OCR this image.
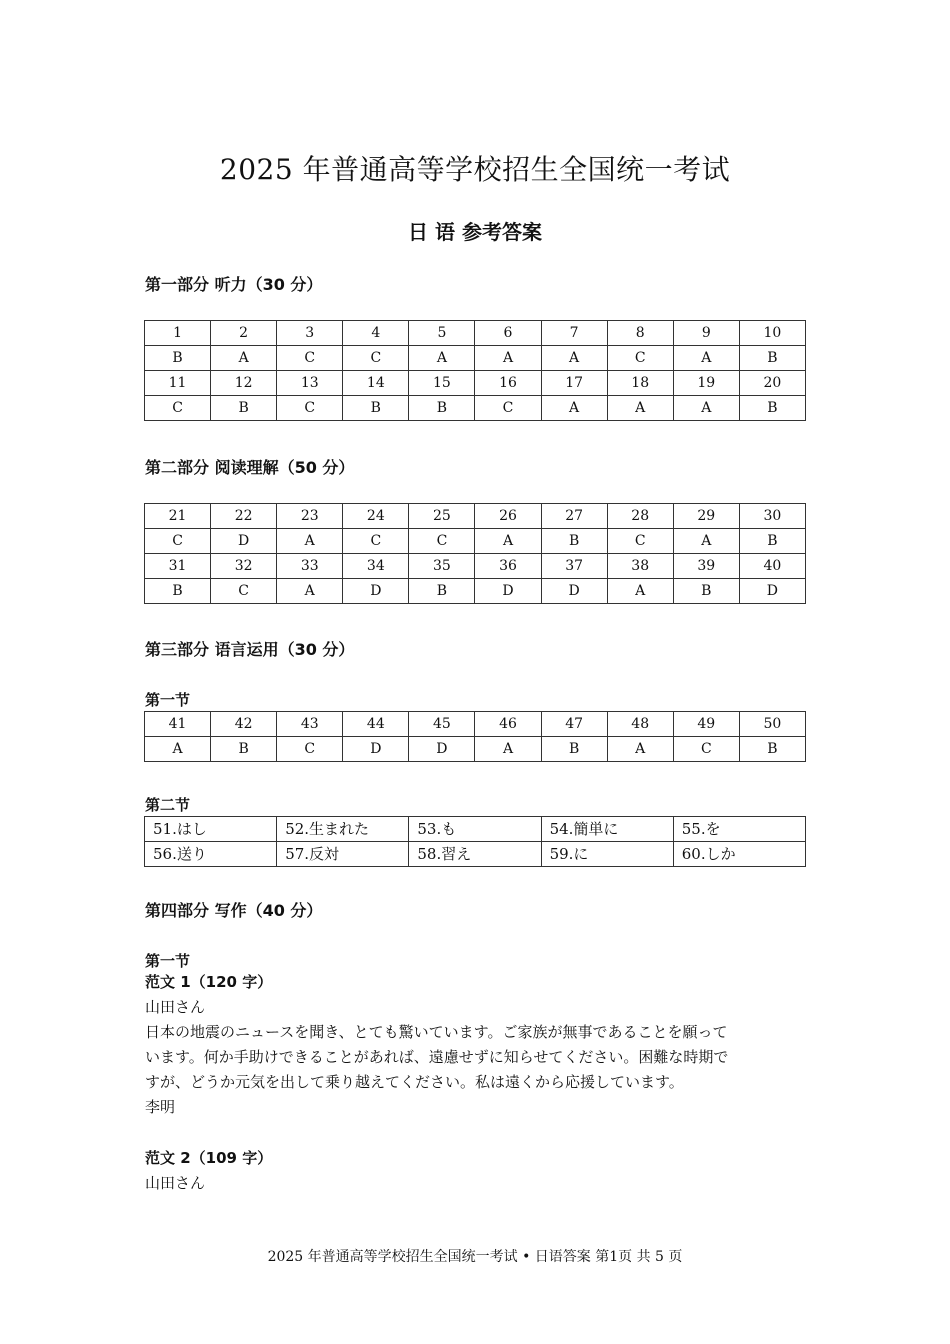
2025 年普通高等学校招生全国统一考试
日 语 参考答案
第一部分 听力（30 分）
1	2	3	4	5	6	7	8	9	10
B	A	C	C	A	A	A	C	A	B
11	12	13	14	15	16	17	18	19	20
C	B	C	B	B	C	A	A	A	B
第二部分 阅读理解（50 分）
21	22	23	24	25	26	27	28	29	30
C	D	A	C	C	A	B	C	A	B
31	32	33	34	35	36	37	38	39	40
B	C	A	D	B	D	D	A	B	D
第三部分 语言运用（30 分）
第一节
41	42	43	44	45	46	47	48	49	50
A	B	C	D	D	A	B	A	C	B
第二节
51.はし	52.生まれた	53.も	54.簡単に	55.を
56.送り	57.反対	58.習え	59.に	60.しか
第四部分 写作（40 分）
第一节
范文 1（120 字）
山田さん
日本の地震のニュースを聞き、とても驚いています。ご家族が無事であることを願って
います。何か手助けできることがあれば、遠慮せずに知らせてください。困難な時期で
すが、どうか元気を出して乗り越えてください。私は遠くから応援しています。
李明
范文 2（109 字）
山田さん
2025 年普通高等学校招生全国统一考试 • 日语答案 第1页 共 5 页
